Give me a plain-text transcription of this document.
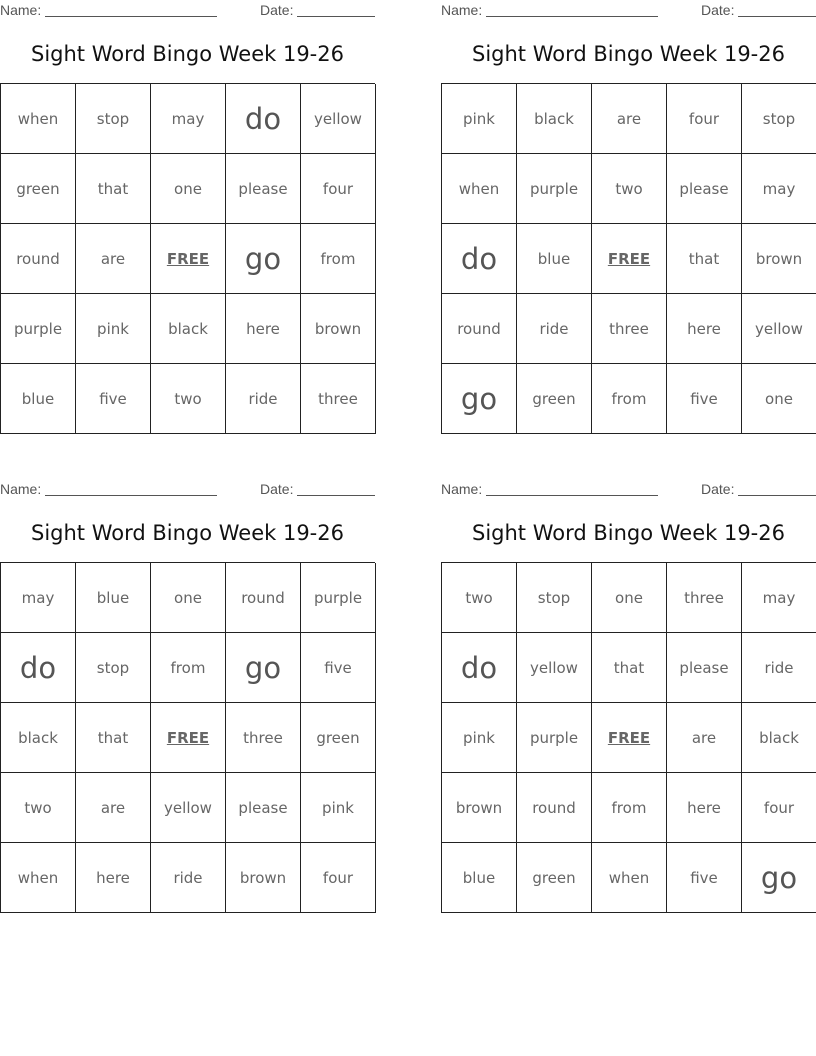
Name:	Date:
Sight Word Bingo Week 19-26
when	stop	may	do	yellow
green	that	one	please	four
round	are	FREE	go	from
purple	pink	black	here	brown
blue	five	two	ride	three
Name:	Date:
Sight Word Bingo Week 19-26
pink	black	are	four	stop
when	purple	two	please	may
do	blue	FREE	that	brown
round	ride	three	here	yellow
go	green	from	five	one
Name:	Date:
Sight Word Bingo Week 19-26
may	blue	one	round	purple
do	stop	from	go	five
black	that	FREE	three	green
two	are	yellow	please	pink
when	here	ride	brown	four
Name:	Date:
Sight Word Bingo Week 19-26
two	stop	one	three	may
do	yellow	that	please	ride
pink	purple	FREE	are	black
brown	round	from	here	four
blue	green	when	five	go
